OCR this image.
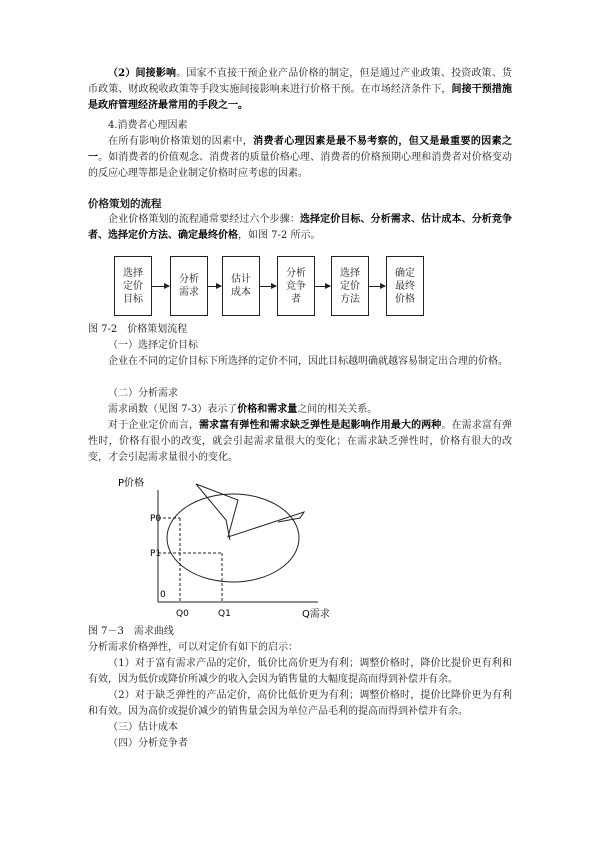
（2）间接影响。国家不直接干预企业产品价格的制定，但是通过产业政策、投资政策、货币政策、财政税收政策等手段实施间接影响来进行价格干预。在市场经济条件下，间接干预措施是政府管理经济最常用的手段之一。

4.消费者心理因素

在所有影响价格策划的因素中，消费者心理因素是最不易考察的，但又是最重要的因素之一。如消费者的价值观念、消费者的质量价格心理、消费者的价格预期心理和消费者对价格变动的反应心理等都是企业制定价格时应考虑的因素。

价格策划的流程

企业价格策划的流程通常要经过六个步骤：选择定价目标、分析需求、估计成本、分析竞争者、选择定价方法、确定最终价格，如图 7-2 所示。

选择定价目标
分析需求
估计成本
分析竞争者
选择定价方法
确定最终价格

图 7-2　价格策划流程

（一）选择定价目标

企业在不同的定价目标下所选择的定价不同，因此目标越明确就越容易制定出合理的价格。

（二）分析需求

需求函数（见图 7-3）表示了价格和需求量之间的相关关系。

对于企业定价而言，需求富有弹性和需求缺乏弹性是起影响作用最大的两种。在需求富有弹性时，价格有很小的改变，就会引起需求量很大的变化；在需求缺乏弹性时，价格有很大的改变，才会引起需求量很小的变化。

P价格
Q需求
P0
P1
Q0	Q1
0

图 7－3　需求曲线

分析需求价格弹性，可以对定价有如下的启示：

（1）对于富有需求产品的定价，低价比高价更为有利；调整价格时，降价比提价更有利和有效，因为低价或降价所减少的收入会因为销售量的大幅度提高而得到补偿并有余。

（2）对于缺乏弹性的产品定价，高价比低价更为有利；调整价格时，提价比降价更为有利和有效。因为高价或提价减少的销售量会因为单位产品毛利的提高而得到补偿并有余。

（三）估计成本

（四）分析竞争者
